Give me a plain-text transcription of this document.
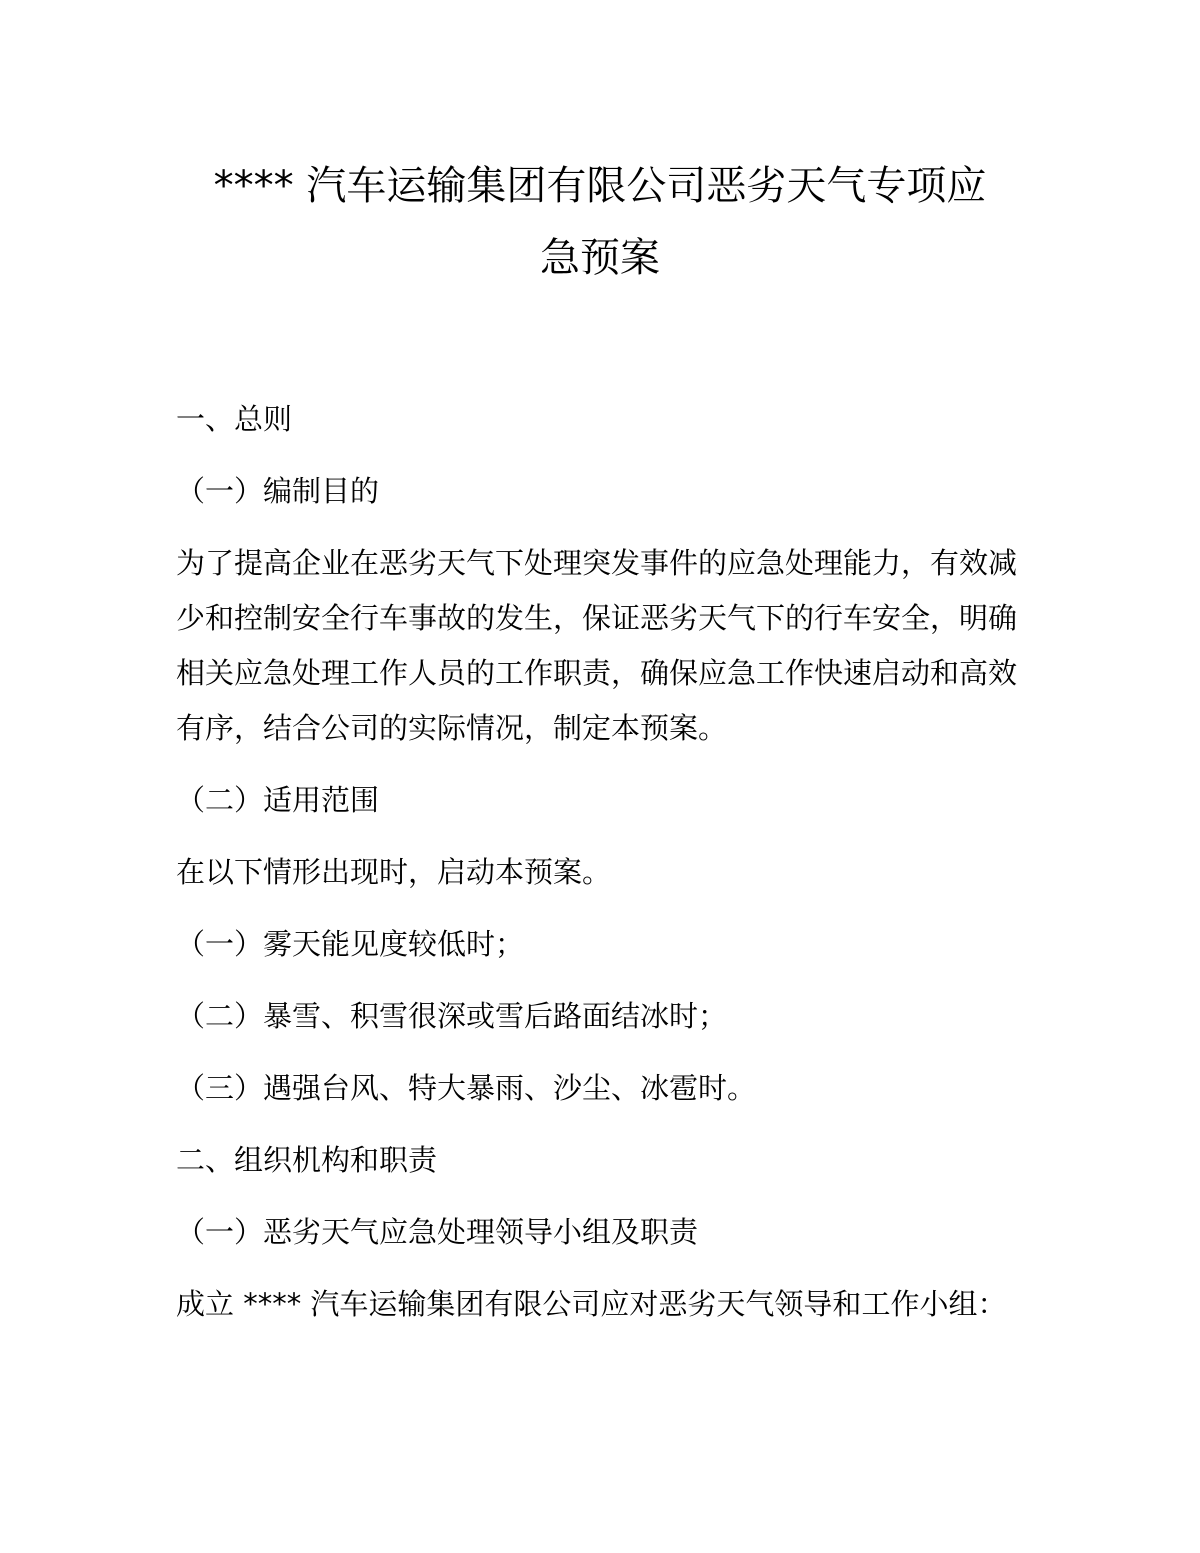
**** 汽车运输集团有限公司恶劣天气专项应
急预案

一、总则

（一）编制目的

为了提高企业在恶劣天气下处理突发事件的应急处理能力，有效减少和控制安全行车事故的发生，保证恶劣天气下的行车安全，明确相关应急处理工作人员的工作职责，确保应急工作快速启动和高效有序，结合公司的实际情况，制定本预案。

（二）适用范围

在以下情形出现时，启动本预案。

（一）雾天能见度较低时；

（二）暴雪、积雪很深或雪后路面结冰时；

（三）遇强台风、特大暴雨、沙尘、冰雹时。

二、组织机构和职责

（一）恶劣天气应急处理领导小组及职责

成立 **** 汽车运输集团有限公司应对恶劣天气领导和工作小组：
